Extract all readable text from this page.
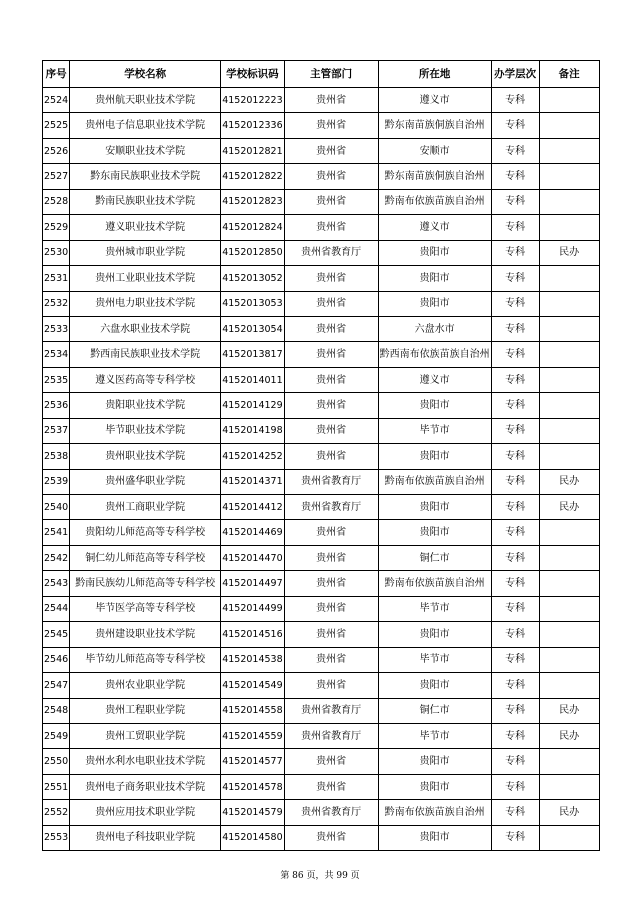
序号	学校名称	学校标识码	主管部门	所在地	办学层次	备注
2524	贵州航天职业技术学院	4152012223	贵州省	遵义市	专科	
2525	贵州电子信息职业技术学院	4152012336	贵州省	黔东南苗族侗族自治州	专科	
2526	安顺职业技术学院	4152012821	贵州省	安顺市	专科	
2527	黔东南民族职业技术学院	4152012822	贵州省	黔东南苗族侗族自治州	专科	
2528	黔南民族职业技术学院	4152012823	贵州省	黔南布依族苗族自治州	专科	
2529	遵义职业技术学院	4152012824	贵州省	遵义市	专科	
2530	贵州城市职业学院	4152012850	贵州省教育厅	贵阳市	专科	民办
2531	贵州工业职业技术学院	4152013052	贵州省	贵阳市	专科	
2532	贵州电力职业技术学院	4152013053	贵州省	贵阳市	专科	
2533	六盘水职业技术学院	4152013054	贵州省	六盘水市	专科	
2534	黔西南民族职业技术学院	4152013817	贵州省	黔西南布依族苗族自治州	专科	
2535	遵义医药高等专科学校	4152014011	贵州省	遵义市	专科	
2536	贵阳职业技术学院	4152014129	贵州省	贵阳市	专科	
2537	毕节职业技术学院	4152014198	贵州省	毕节市	专科	
2538	贵州职业技术学院	4152014252	贵州省	贵阳市	专科	
2539	贵州盛华职业学院	4152014371	贵州省教育厅	黔南布依族苗族自治州	专科	民办
2540	贵州工商职业学院	4152014412	贵州省教育厅	贵阳市	专科	民办
2541	贵阳幼儿师范高等专科学校	4152014469	贵州省	贵阳市	专科	
2542	铜仁幼儿师范高等专科学校	4152014470	贵州省	铜仁市	专科	
2543	黔南民族幼儿师范高等专科学校	4152014497	贵州省	黔南布依族苗族自治州	专科	
2544	毕节医学高等专科学校	4152014499	贵州省	毕节市	专科	
2545	贵州建设职业技术学院	4152014516	贵州省	贵阳市	专科	
2546	毕节幼儿师范高等专科学校	4152014538	贵州省	毕节市	专科	
2547	贵州农业职业学院	4152014549	贵州省	贵阳市	专科	
2548	贵州工程职业学院	4152014558	贵州省教育厅	铜仁市	专科	民办
2549	贵州工贸职业学院	4152014559	贵州省教育厅	毕节市	专科	民办
2550	贵州水利水电职业技术学院	4152014577	贵州省	贵阳市	专科	
2551	贵州电子商务职业技术学院	4152014578	贵州省	贵阳市	专科	
2552	贵州应用技术职业学院	4152014579	贵州省教育厅	黔南布依族苗族自治州	专科	民办
2553	贵州电子科技职业学院	4152014580	贵州省	贵阳市	专科	
第 86 页，共 99 页
